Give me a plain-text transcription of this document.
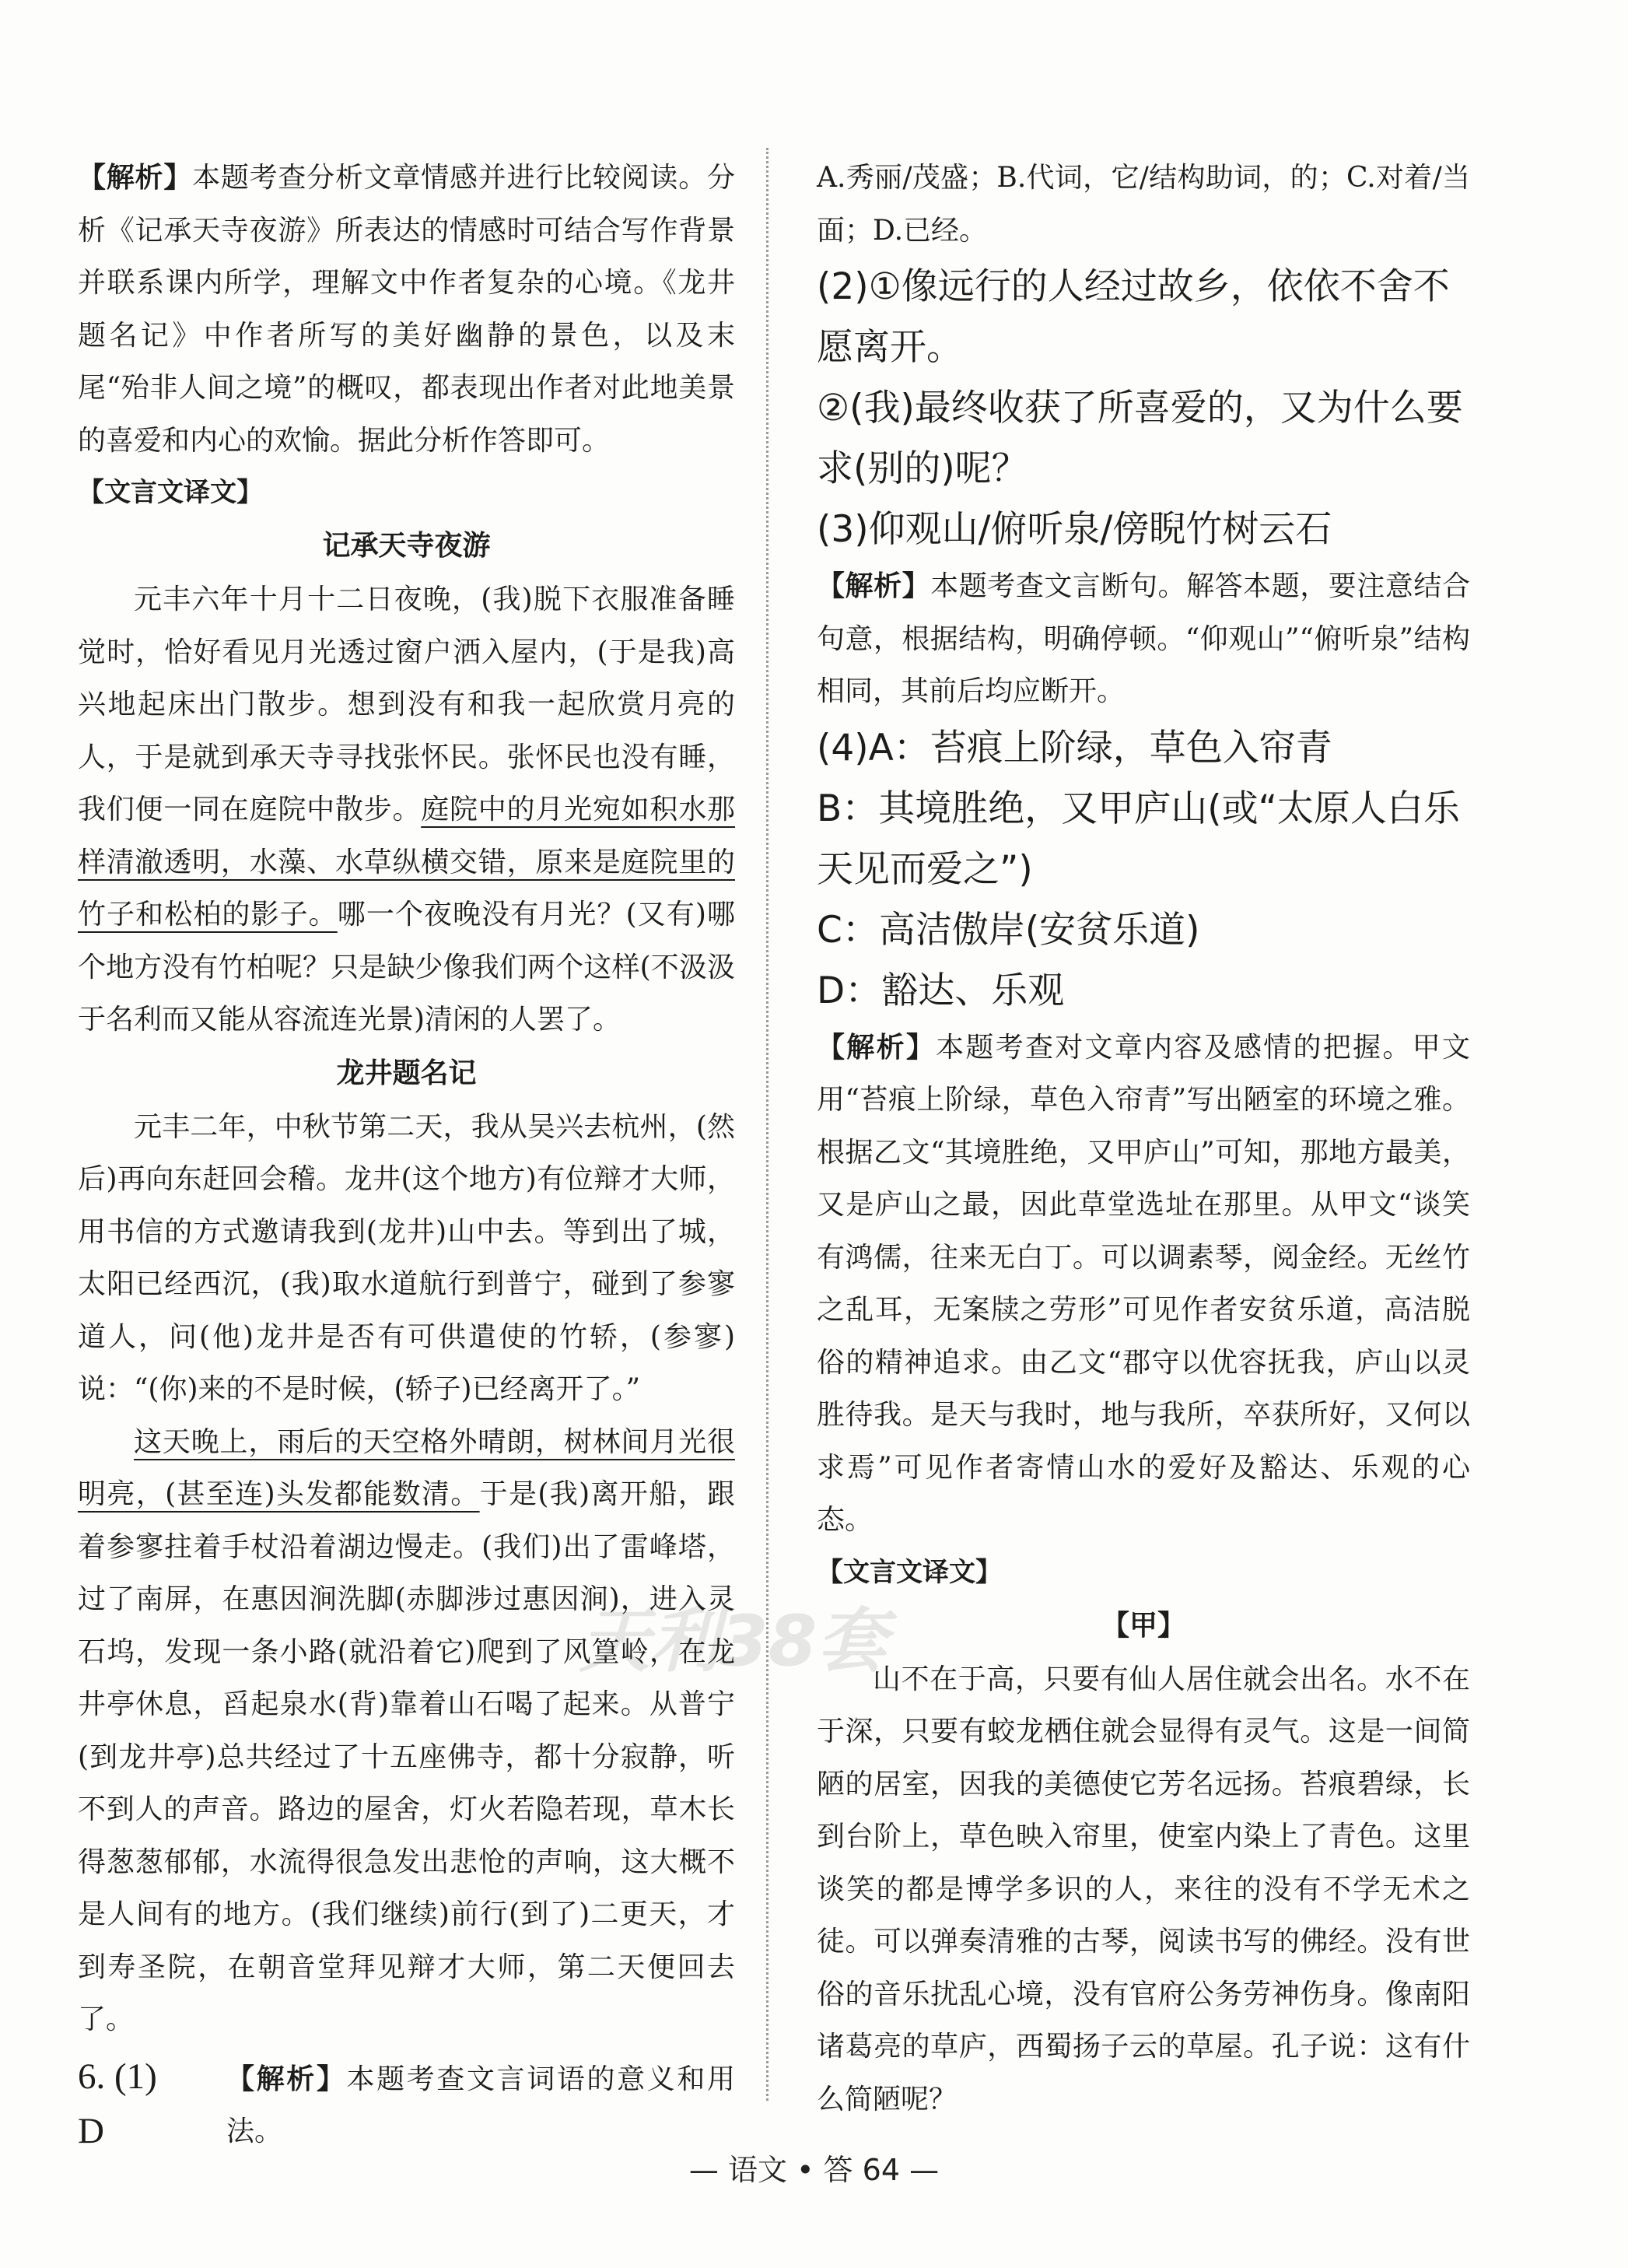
天利38套

【解析】本题考查分析文章情感并进行比较阅读。分析《记承天寺夜游》所表达的情感时可结合写作背景并联系课内所学，理解文中作者复杂的心境。《龙井题名记》中作者所写的美好幽静的景色，以及末尾“殆非人间之境”的概叹，都表现出作者对此地美景的喜爱和内心的欢愉。据此分析作答即可。

【文言文译文】

记承天寺夜游

元丰六年十月十二日夜晚，(我)脱下衣服准备睡觉时，恰好看见月光透过窗户洒入屋内，(于是我)高兴地起床出门散步。想到没有和我一起欣赏月亮的人，于是就到承天寺寻找张怀民。张怀民也没有睡，我们便一同在庭院中散步。庭院中的月光宛如积水那样清澈透明，水藻、水草纵横交错，原来是庭院里的竹子和松柏的影子。哪一个夜晚没有月光？(又有)哪个地方没有竹柏呢？只是缺少像我们两个这样(不汲汲于名利而又能从容流连光景)清闲的人罢了。

龙井题名记

元丰二年，中秋节第二天，我从吴兴去杭州，(然后)再向东赶回会稽。龙井(这个地方)有位辩才大师，用书信的方式邀请我到(龙井)山中去。等到出了城，太阳已经西沉，(我)取水道航行到普宁，碰到了参寥道人，问(他)龙井是否有可供遣使的竹轿，(参寥)说：“(你)来的不是时候，(轿子)已经离开了。”

这天晚上，雨后的天空格外晴朗，树林间月光很明亮，(甚至连)头发都能数清。于是(我)离开船，跟着参寥拄着手杖沿着湖边慢走。(我们)出了雷峰塔，过了南屏，在惠因涧洗脚(赤脚涉过惠因涧)，进入灵石坞，发现一条小路(就沿着它)爬到了风篁岭，在龙井亭休息，舀起泉水(背)靠着山石喝了起来。从普宁(到龙井亭)总共经过了十五座佛寺，都十分寂静，听不到人的声音。路边的屋舍，灯火若隐若现，草木长得葱葱郁郁，水流得很急发出悲怆的声响，这大概不是人间有的地方。(我们继续)前行(到了)二更天，才到寿圣院，在朝音堂拜见辩才大师，第二天便回去了。

6. (1) D
【解析】本题考查文言词语的意义和用法。

A.秀丽/茂盛；B.代词，它/结构助词，的；C.对着/当面；D.已经。

(2)①像远行的人经过故乡，依依不舍不愿离开。

②(我)最终收获了所喜爱的，又为什么要求(别的)呢？

(3)仰观山/俯听泉/傍睨竹树云石

【解析】本题考查文言断句。解答本题，要注意结合句意，根据结构，明确停顿。“仰观山”“俯听泉”结构相同，其前后均应断开。

(4)A：苔痕上阶绿，草色入帘青

B：其境胜绝，又甲庐山(或“太原人白乐天见而爱之”)

C：高洁傲岸(安贫乐道)

D：豁达、乐观

【解析】本题考查对文章内容及感情的把握。甲文用“苔痕上阶绿，草色入帘青”写出陋室的环境之雅。根据乙文“其境胜绝，又甲庐山”可知，那地方最美，又是庐山之最，因此草堂选址在那里。从甲文“谈笑有鸿儒，往来无白丁。可以调素琴，阅金经。无丝竹之乱耳，无案牍之劳形”可见作者安贫乐道，高洁脱俗的精神追求。由乙文“郡守以优容抚我，庐山以灵胜待我。是天与我时，地与我所，卒获所好，又何以求焉”可见作者寄情山水的爱好及豁达、乐观的心态。

【文言文译文】

【甲】

山不在于高，只要有仙人居住就会出名。水不在于深，只要有蛟龙栖住就会显得有灵气。这是一间简陋的居室，因我的美德使它芳名远扬。苔痕碧绿，长到台阶上，草色映入帘里，使室内染上了青色。这里谈笑的都是博学多识的人，来往的没有不学无术之徒。可以弹奏清雅的古琴，阅读书写的佛经。没有世俗的音乐扰乱心境，没有官府公务劳神伤身。像南阳诸葛亮的草庐，西蜀扬子云的草屋。孔子说：这有什么简陋呢？

— 语文 • 答 64 —
